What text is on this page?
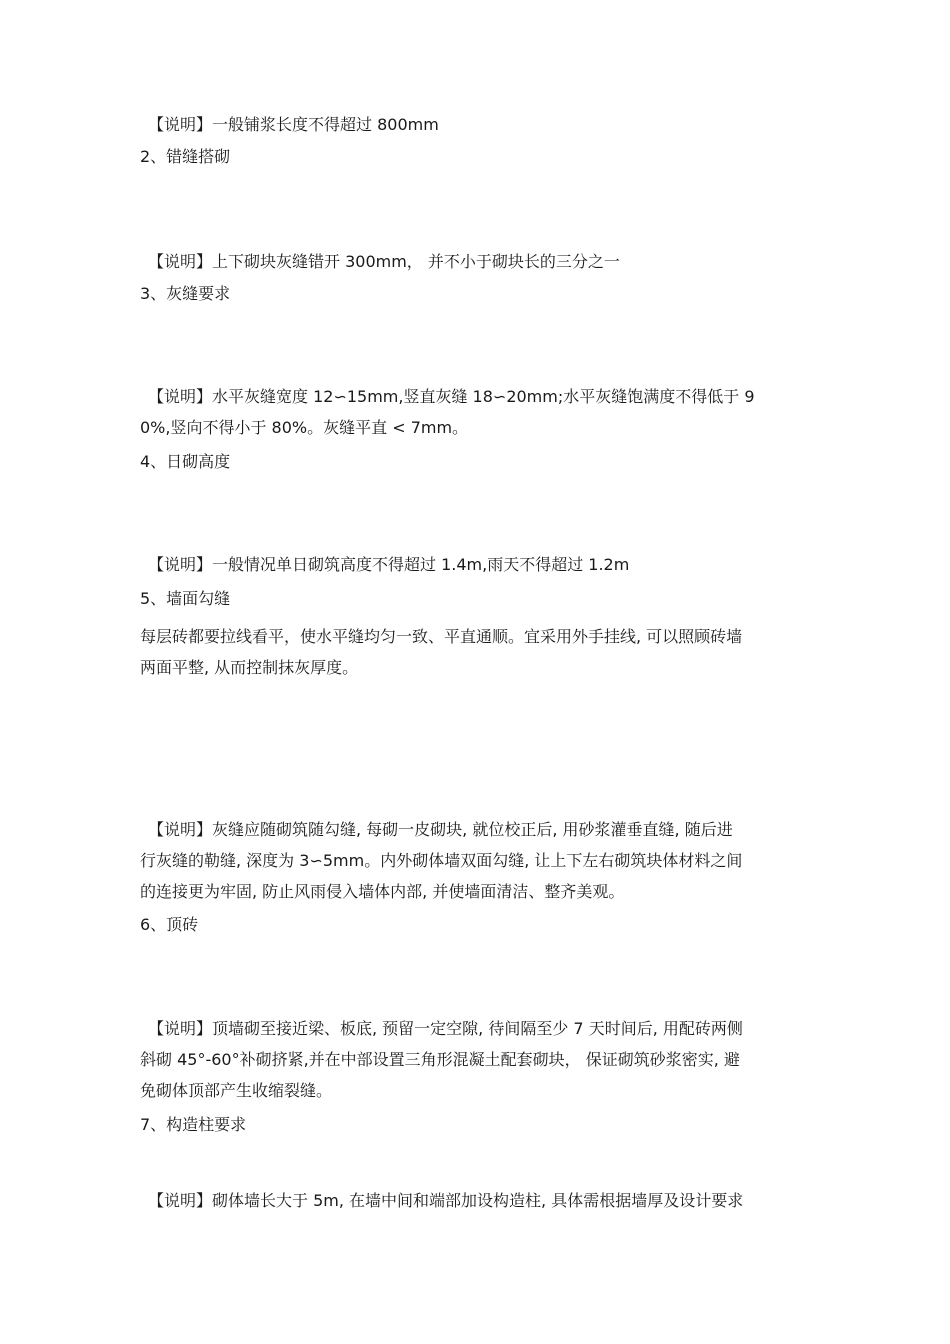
【说明】一般铺浆长度不得超过 800mm
2、错缝搭砌
【说明】上下砌块灰缝错开 300mm， 并不小于砌块长的三分之一
3、灰缝要求
【说明】水平灰缝宽度 12∽15mm,竖直灰缝 18∽20mm;水平灰缝饱满度不得低于 9
0%,竖向不得小于 80%。灰缝平直 < 7mm。
4、日砌高度
【说明】一般情况单日砌筑高度不得超过 1.4m,雨天不得超过 1.2m
5、墙面勾缝
每层砖都要拉线看平，使水平缝均匀一致、平直通顺。宜采用外手挂线, 可以照顾砖墙
两面平整, 从而控制抹灰厚度。
【说明】灰缝应随砌筑随勾缝, 每砌一皮砌块, 就位校正后, 用砂浆灌垂直缝, 随后进
行灰缝的勒缝, 深度为 3∽5mm。内外砌体墙双面勾缝, 让上下左右砌筑块体材料之间
的连接更为牢固, 防止风雨侵入墙体内部, 并使墙面清洁、整齐美观。
6、顶砖
【说明】顶墙砌至接近梁、板底, 预留一定空隙, 待间隔至少 7 天时间后, 用配砖两侧
斜砌 45°-60°补砌挤紧,并在中部设置三角形混凝土配套砌块， 保证砌筑砂浆密实, 避
免砌体顶部产生收缩裂缝。
7、构造柱要求
【说明】砌体墙长大于 5m, 在墙中间和端部加设构造柱, 具体需根据墙厚及设计要求
